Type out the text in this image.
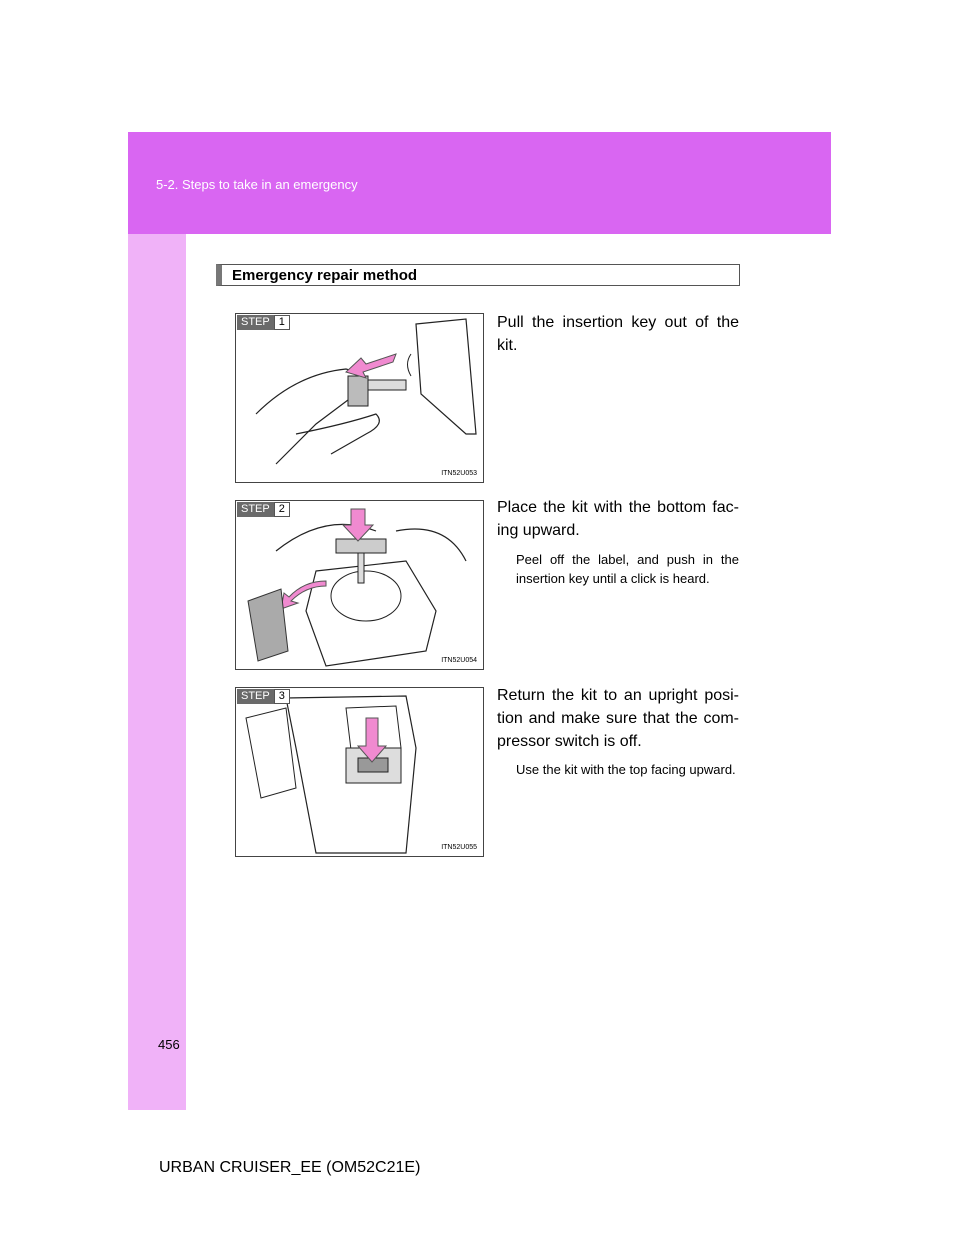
5-2. Steps to take in an emergency
Emergency repair method
STEP 1
ITN52U053
Pull the insertion key out of the kit.
STEP 2
ITN52U054
Place the kit with the bottom fac-ing upward.
Peel off the label, and push in the insertion key until a click is heard.
STEP 3
ITN52U055
Return the kit to an upright posi-tion and make sure that the com-pressor switch is off.
Use the kit with the top facing upward.
456
URBAN CRUISER_EE (OM52C21E)
